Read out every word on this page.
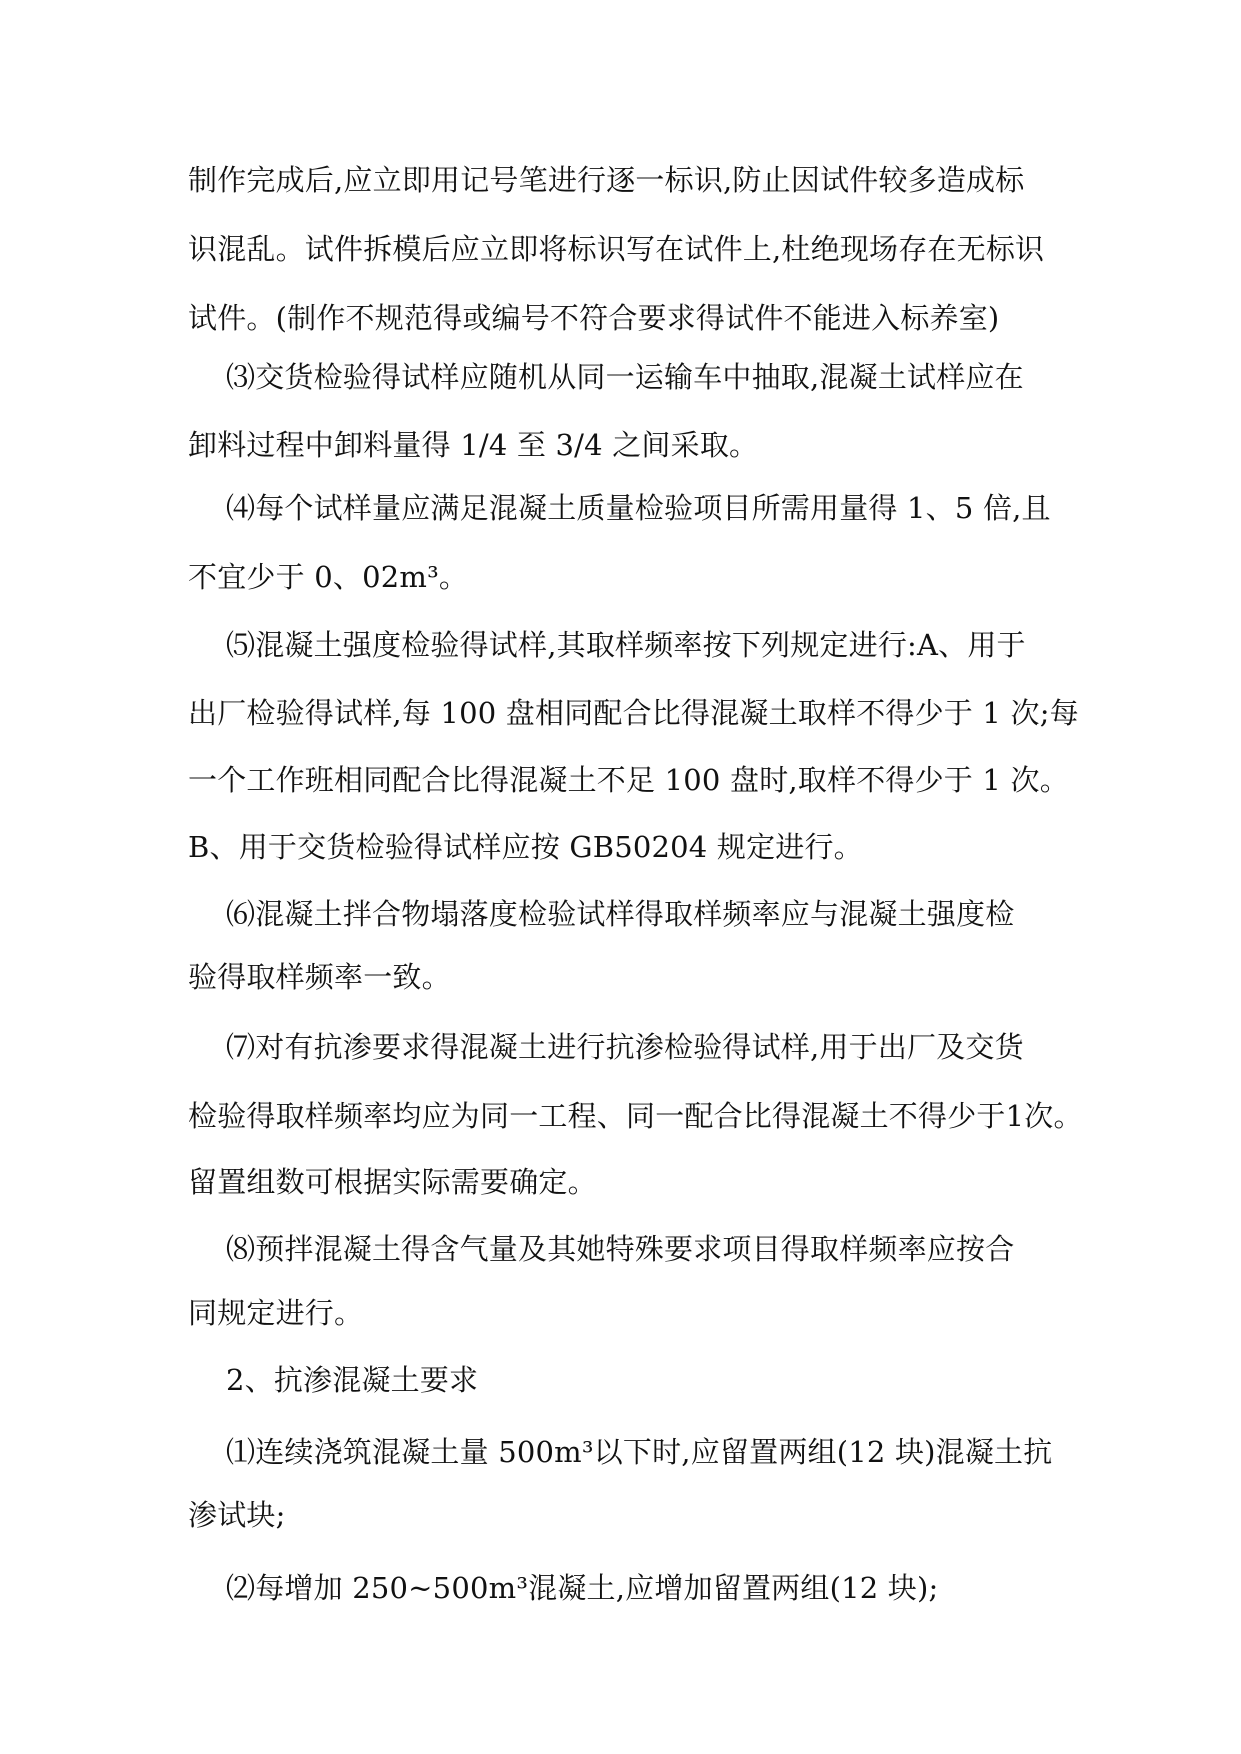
制作完成后,应立即用记号笔进行逐一标识,防止因试件较多造成标
识混乱。试件拆模后应立即将标识写在试件上,杜绝现场存在无标识
试件。(制作不规范得或编号不符合要求得试件不能进入标养室)
⑶交货检验得试样应随机从同一运输车中抽取,混凝土试样应在
卸料过程中卸料量得 1/4 至 3/4 之间采取。
⑷每个试样量应满足混凝土质量检验项目所需用量得 1、5 倍,且
不宜少于 0、02m³。
⑸混凝土强度检验得试样,其取样频率按下列规定进行:A、用于
出厂检验得试样,每 100 盘相同配合比得混凝土取样不得少于 1 次;每
一个工作班相同配合比得混凝土不足 100 盘时,取样不得少于 1 次。
B、用于交货检验得试样应按 GB50204 规定进行。
⑹混凝土拌合物塌落度检验试样得取样频率应与混凝土强度检
验得取样频率一致。
⑺对有抗渗要求得混凝土进行抗渗检验得试样,用于出厂及交货
检验得取样频率均应为同一工程、同一配合比得混凝土不得少于1次。
留置组数可根据实际需要确定。
⑻预拌混凝土得含气量及其她特殊要求项目得取样频率应按合
同规定进行。
2、抗渗混凝土要求
⑴连续浇筑混凝土量 500m³以下时,应留置两组(12 块)混凝土抗
渗试块;
⑵每增加 250~500m³混凝土,应增加留置两组(12 块);
